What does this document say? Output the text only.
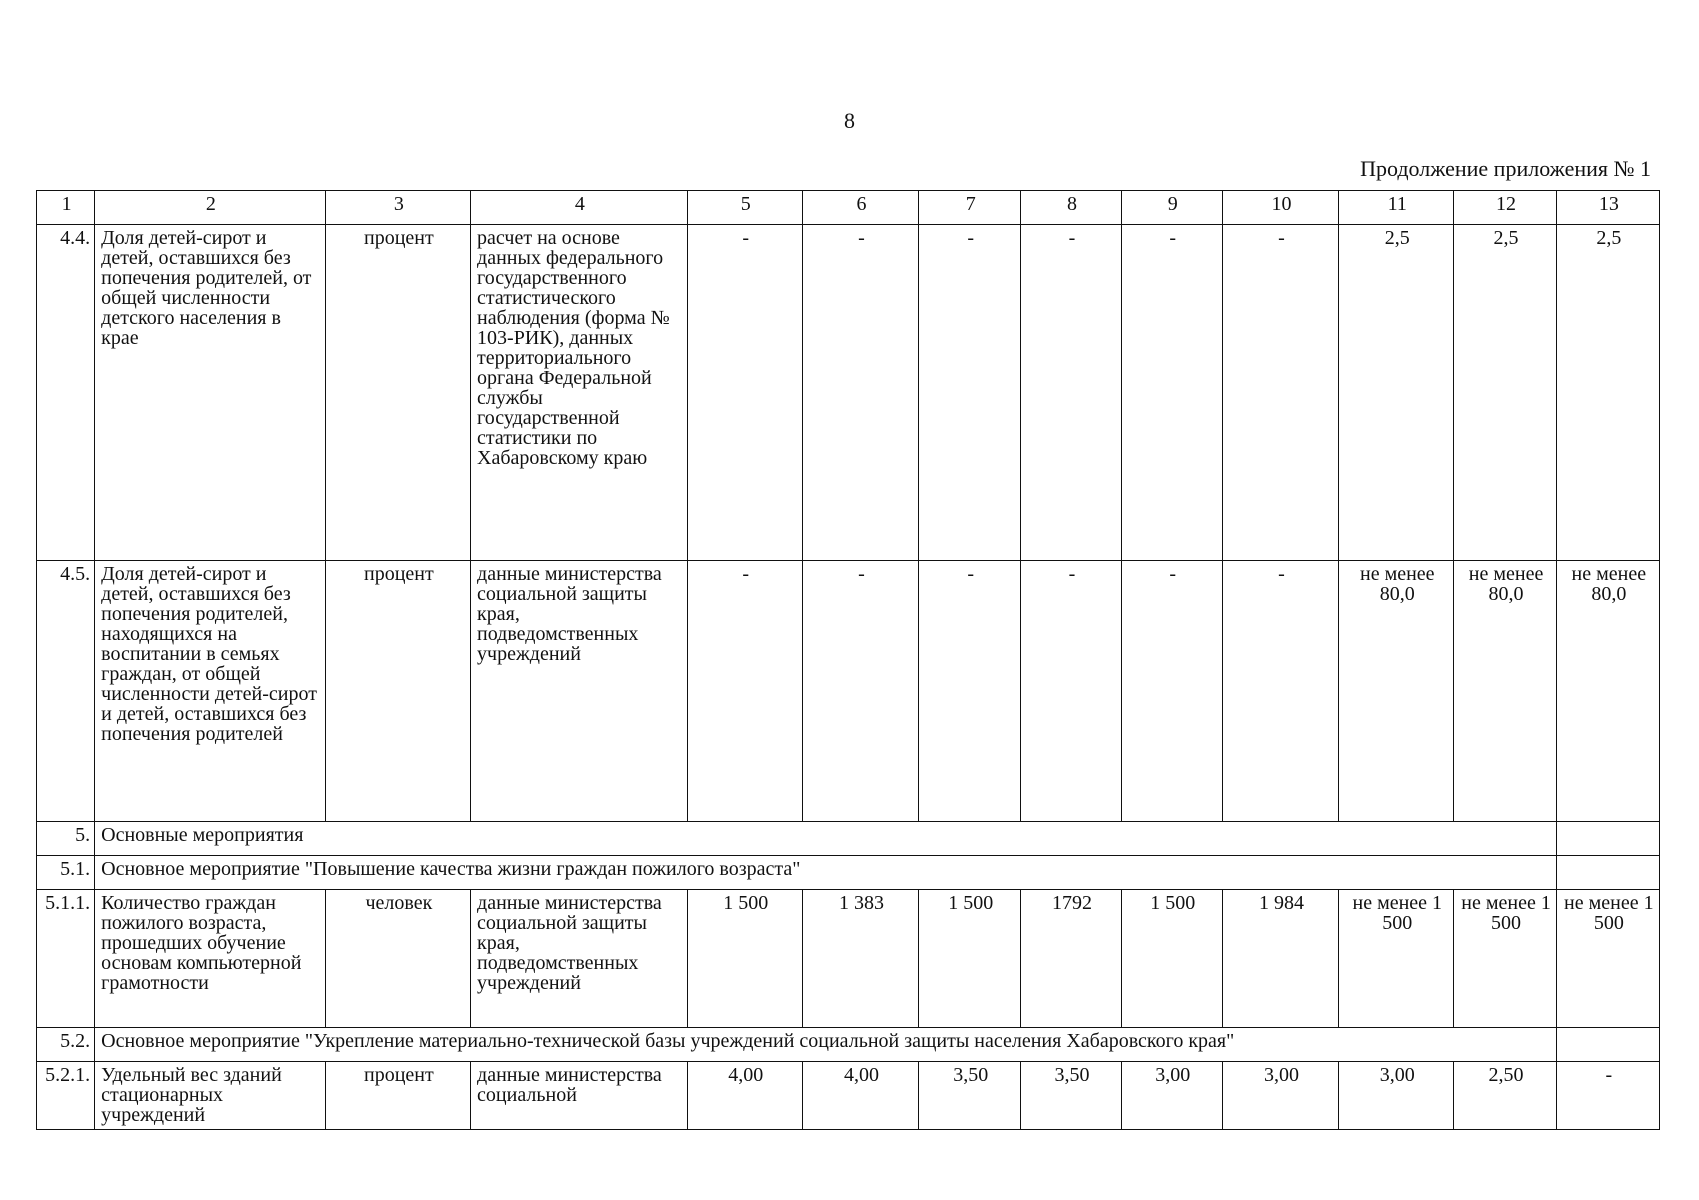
8
Продолжение приложения № 1
1	2	3	4	5	6	7	8	9	10	11	12	13
4.4.	Доля детей-сирот и детей, оставшихся без попечения родителей, от общей численности детского населения в крае	процент	расчет на основе данных федерального государственного статистического наблюдения (форма № 103-РИК), данных территориального органа Федеральной службы государственной статистики по Хабаровскому краю	-	-	-	-	-	-	2,5	2,5	2,5
4.5.	Доля детей-сирот и детей, оставшихся без попечения родителей, находящихся на воспитании в семьях граждан, от общей численности детей-сирот и детей, оставшихся без попечения родителей	процент	данные министерства социальной защиты края, подведомственных учреждений	-	-	-	-	-	-	не менее 80,0	не менее 80,0	не менее 80,0
5.	Основные мероприятия											
5.1.	Основное мероприятие "Повышение качества жизни граждан пожилого возраста"											
5.1.1.	Количество граждан пожилого возраста, прошедших обучение основам компьютерной грамотности	человек	данные министерства социальной защиты края, подведомственных учреждений	1 500	1 383	1 500	1792	1 500	1 984	не менее 1 500	не менее 1 500	не менее 1 500
5.2.	Основное мероприятие "Укрепление материально-технической базы учреждений социальной защиты населения Хабаровского края"											
5.2.1.	Удельный вес зданий стационарных учреждений	процент	данные министерства социальной	4,00	4,00	3,50	3,50	3,00	3,00	3,00	2,50	-
